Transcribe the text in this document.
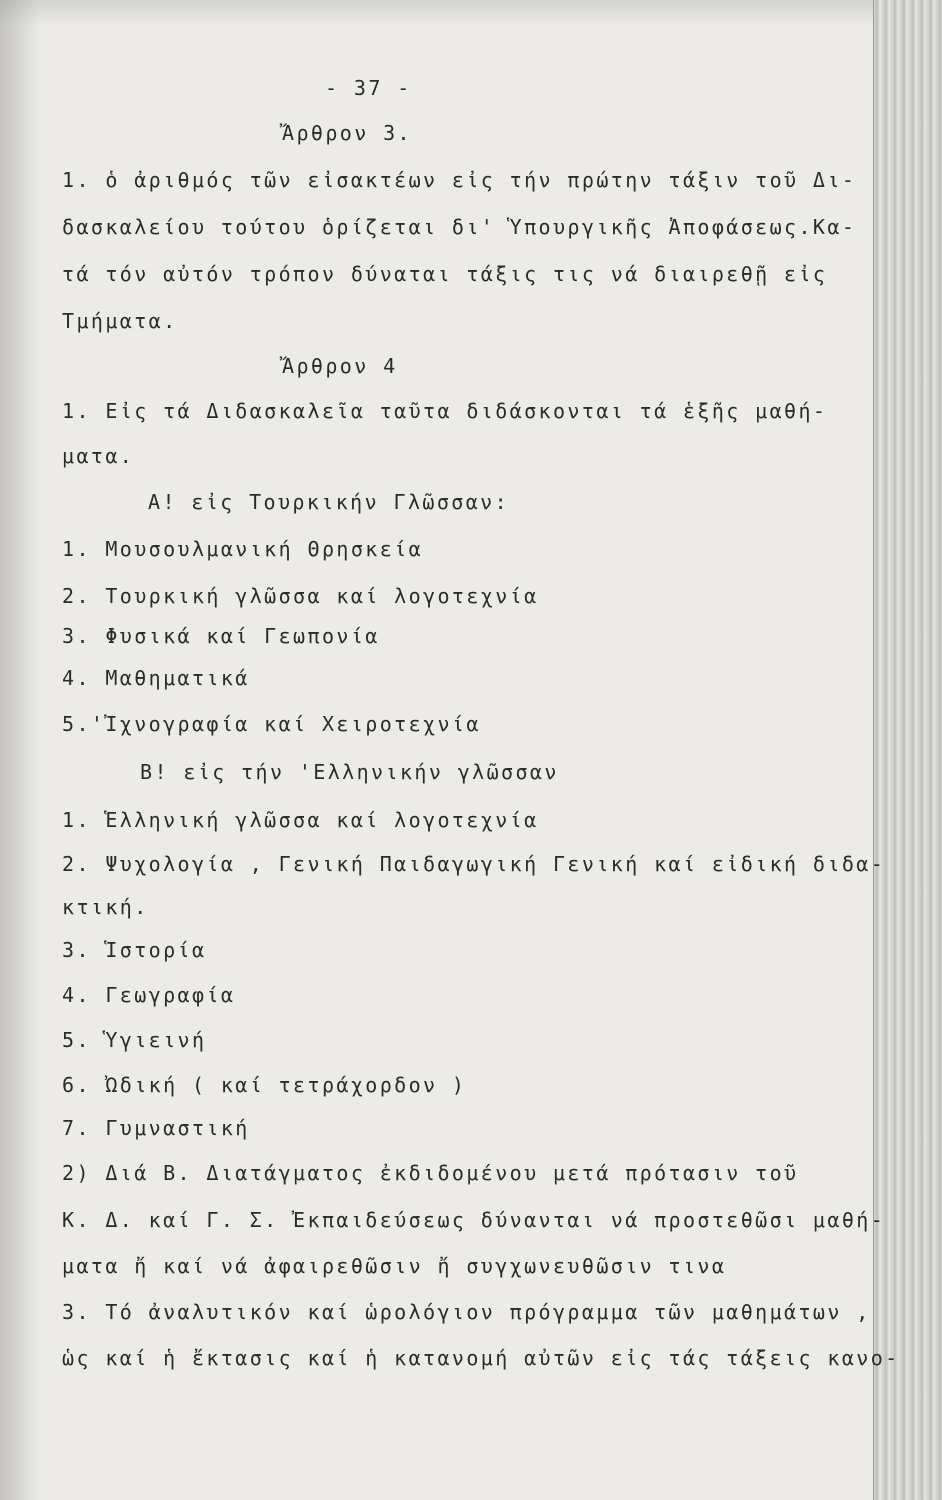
- 37 -

Ἄρθρον 3.

1. ὁ ἀριθμός τῶν εἰσακτέων εἰς τήν πρώτην τάξιν τοῦ Δι-

δασκαλείου τούτου ὁρίζεται δι' Ὑπουργικῆς Ἀποφάσεως.Κα-

τά τόν αὐτόν τρόπον δύναται τάξις τις νά διαιρεθῇ εἰς

Τμήματα.

Ἄρθρον 4

1. Εἰς τά Διδασκαλεῖα ταῦτα διδάσκονται τά ἑξῆς μαθή-

ματα.

Α! εἰς Τουρκικήν Γλῶσσαν:

1. Μουσουλμανική Θρησκεία

2. Τουρκική γλῶσσα καί λογοτεχνία

3. Φυσικά καί Γεωπονία

4. Μαθηματικά

5.'Ἰχνογραφία καί Χειροτεχνία

Β! εἰς τήν 'Ελληνικήν γλῶσσαν

1. Ἑλληνική γλῶσσα καί λογοτεχνία

2. Ψυχολογία , Γενική Παιδαγωγική Γενική καί εἰδική διδα-

κτική.

3. Ἱστορία

4. Γεωγραφία

5. Ὑγιεινή

6. Ὠδική ( καί τετράχορδον )

7. Γυμναστική

2) Διά Β. Διατάγματος ἐκδιδομένου μετά πρότασιν τοῦ

Κ. Δ. καί Γ. Σ. Ἐκπαιδεύσεως δύνανται νά προστεθῶσι μαθή-

ματα ἤ καί νά ἀφαιρεθῶσιν ἤ συγχωνευθῶσιν τινα

3. Τό ἀναλυτικόν καί ὡρολόγιον πρόγραμμα τῶν μαθημάτων ,

ὡς καί ἡ ἔκτασις καί ἡ κατανομή αὐτῶν εἰς τάς τάξεις κανο-
